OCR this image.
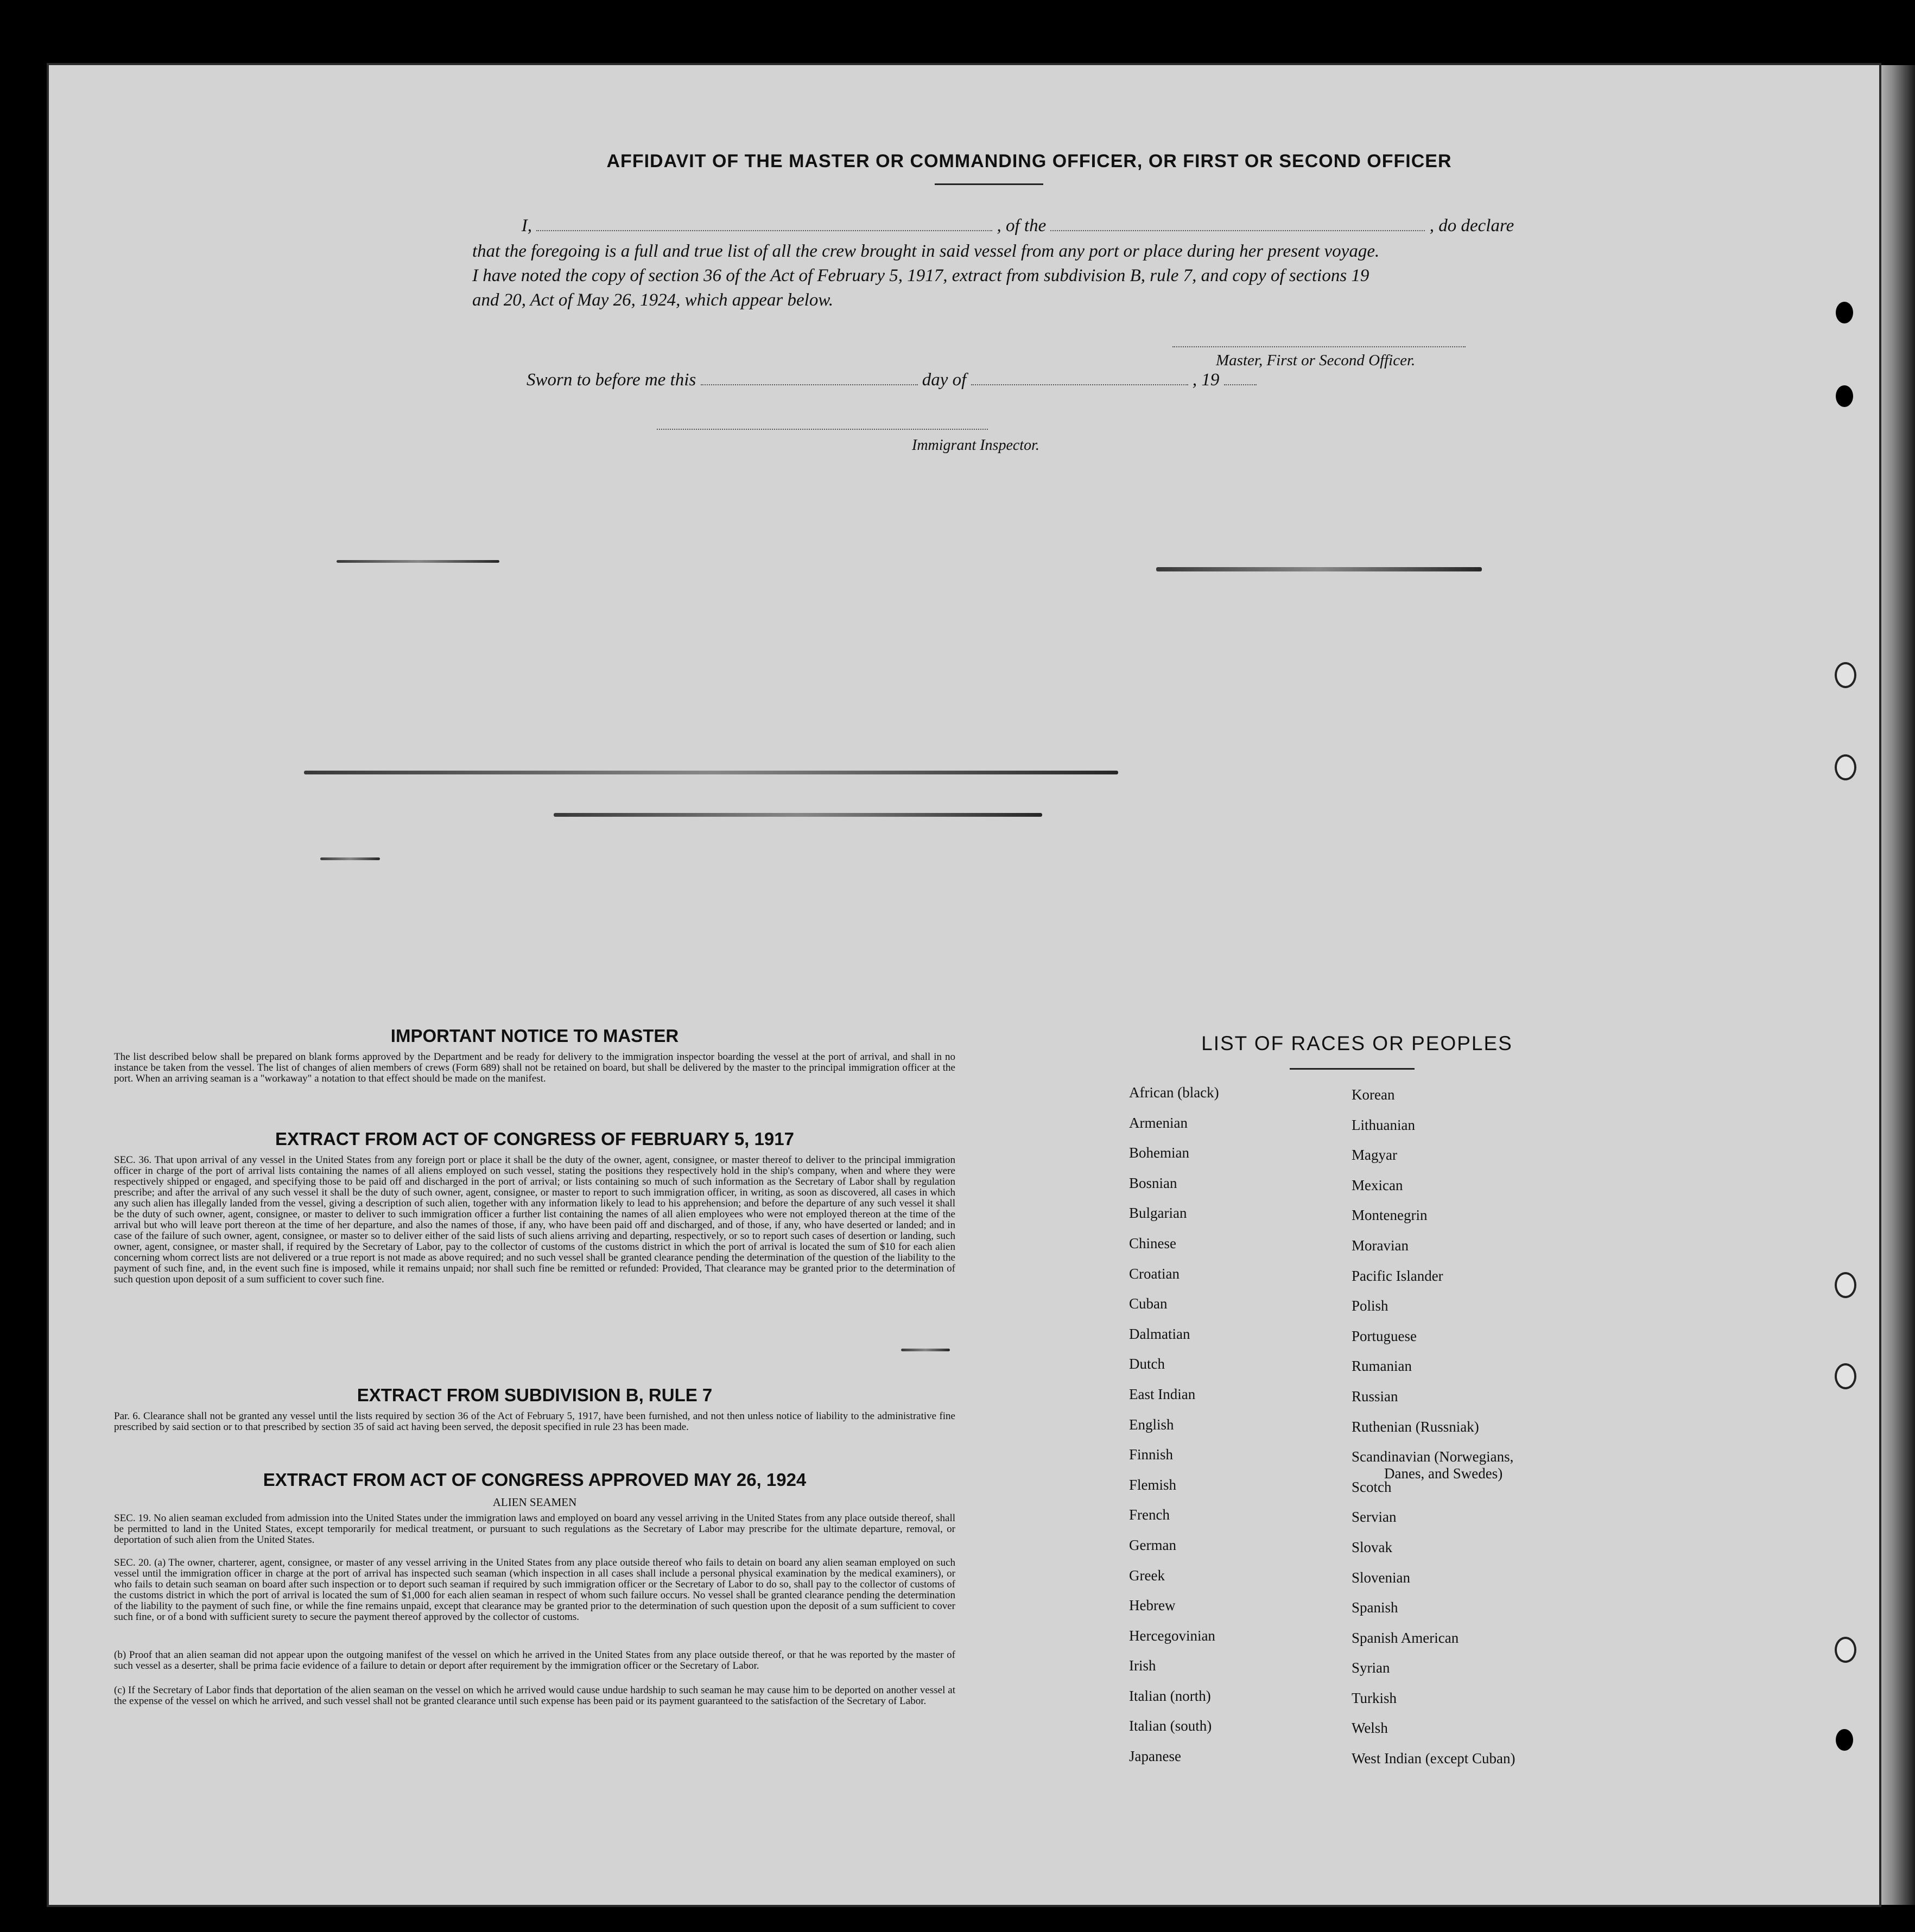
AFFIDAVIT OF THE MASTER OR COMMANDING OFFICER, OR FIRST OR SECOND OFFICER
I,	, of the	, do declare
that the foregoing is a full and true list of all the crew brought in said vessel from any port or place during her present voyage.
I have noted the copy of section 36 of the Act of February 5, 1917, extract from subdivision B, rule 7, and copy of sections 19
and 20, Act of May 26, 1924, which appear below.
Master, First or Second Officer.
Sworn to before me this	day of	, 19
Immigrant Inspector.
IMPORTANT NOTICE TO MASTER
The list described below shall be prepared on blank forms approved by the Department and be ready for delivery to the immigration inspector boarding the vessel at the port of arrival, and shall in no instance be taken from the vessel. The list of changes of alien members of crews (Form 689) shall not be retained on board, but shall be delivered by the master to the principal immigration officer at the port. When an arriving seaman is a "workaway" a notation to that effect should be made on the manifest.
EXTRACT FROM ACT OF CONGRESS OF FEBRUARY 5, 1917
SEC. 36. That upon arrival of any vessel in the United States from any foreign port or place it shall be the duty of the owner, agent, consignee, or master thereof to deliver to the principal immigration officer in charge of the port of arrival lists containing the names of all aliens employed on such vessel, stating the positions they respectively hold in the ship's company, when and where they were respectively shipped or engaged, and specifying those to be paid off and discharged in the port of arrival; or lists containing so much of such information as the Secretary of Labor shall by regulation prescribe; and after the arrival of any such vessel it shall be the duty of such owner, agent, consignee, or master to report to such immigration officer, in writing, as soon as discovered, all cases in which any such alien has illegally landed from the vessel, giving a description of such alien, together with any information likely to lead to his apprehension; and before the departure of any such vessel it shall be the duty of such owner, agent, consignee, or master to deliver to such immigration officer a further list containing the names of all alien employees who were not employed thereon at the time of the arrival but who will leave port thereon at the time of her departure, and also the names of those, if any, who have been paid off and discharged, and of those, if any, who have deserted or landed; and in case of the failure of such owner, agent, consignee, or master so to deliver either of the said lists of such aliens arriving and departing, respectively, or so to report such cases of desertion or landing, such owner, agent, consignee, or master shall, if required by the Secretary of Labor, pay to the collector of customs of the customs district in which the port of arrival is located the sum of $10 for each alien concerning whom correct lists are not delivered or a true report is not made as above required; and no such vessel shall be granted clearance pending the determination of the question of the liability to the payment of such fine, and, in the event such fine is imposed, while it remains unpaid; nor shall such fine be remitted or refunded: Provided, That clearance may be granted prior to the determination of such question upon deposit of a sum sufficient to cover such fine.
EXTRACT FROM SUBDIVISION B, RULE 7
Par. 6. Clearance shall not be granted any vessel until the lists required by section 36 of the Act of February 5, 1917, have been furnished, and not then unless notice of liability to the administrative fine prescribed by said section or to that prescribed by section 35 of said act having been served, the deposit specified in rule 23 has been made.
EXTRACT FROM ACT OF CONGRESS APPROVED MAY 26, 1924
ALIEN SEAMEN
SEC. 19. No alien seaman excluded from admission into the United States under the immigration laws and employed on board any vessel arriving in the United States from any place outside thereof, shall be permitted to land in the United States, except temporarily for medical treatment, or pursuant to such regulations as the Secretary of Labor may prescribe for the ultimate departure, removal, or deportation of such alien from the United States.
SEC. 20. (a) The owner, charterer, agent, consignee, or master of any vessel arriving in the United States from any place outside thereof who fails to detain on board any alien seaman employed on such vessel until the immigration officer in charge at the port of arrival has inspected such seaman (which inspection in all cases shall include a personal physical examination by the medical examiners), or who fails to detain such seaman on board after such inspection or to deport such seaman if required by such immigration officer or the Secretary of Labor to do so, shall pay to the collector of customs of the customs district in which the port of arrival is located the sum of $1,000 for each alien seaman in respect of whom such failure occurs. No vessel shall be granted clearance pending the determination of the liability to the payment of such fine, or while the fine remains unpaid, except that clearance may be granted prior to the determination of such question upon the deposit of a sum sufficient to cover such fine, or of a bond with sufficient surety to secure the payment thereof approved by the collector of customs.
(b) Proof that an alien seaman did not appear upon the outgoing manifest of the vessel on which he arrived in the United States from any place outside thereof, or that he was reported by the master of such vessel as a deserter, shall be prima facie evidence of a failure to detain or deport after requirement by the immigration officer or the Secretary of Labor.
(c) If the Secretary of Labor finds that deportation of the alien seaman on the vessel on which he arrived would cause undue hardship to such seaman he may cause him to be deported on another vessel at the expense of the vessel on which he arrived, and such vessel shall not be granted clearance until such expense has been paid or its payment guaranteed to the satisfaction of the Secretary of Labor.
LIST OF RACES OR PEOPLES
African (black)
Armenian
Bohemian
Bosnian
Bulgarian
Chinese
Croatian
Cuban
Dalmatian
Dutch
East Indian
English
Finnish
Flemish
French
German
Greek
Hebrew
Hercegovinian
Irish
Italian (north)
Italian (south)
Japanese
Korean
Lithuanian
Magyar
Mexican
Montenegrin
Moravian
Pacific Islander
Polish
Portuguese
Rumanian
Russian
Ruthenian (Russniak)
Scandinavian (Norwegians,
Scotch
Servian
Slovak
Slovenian
Spanish
Spanish American
Syrian
Turkish
Welsh
West Indian (except Cuban)
Danes, and Swedes)
